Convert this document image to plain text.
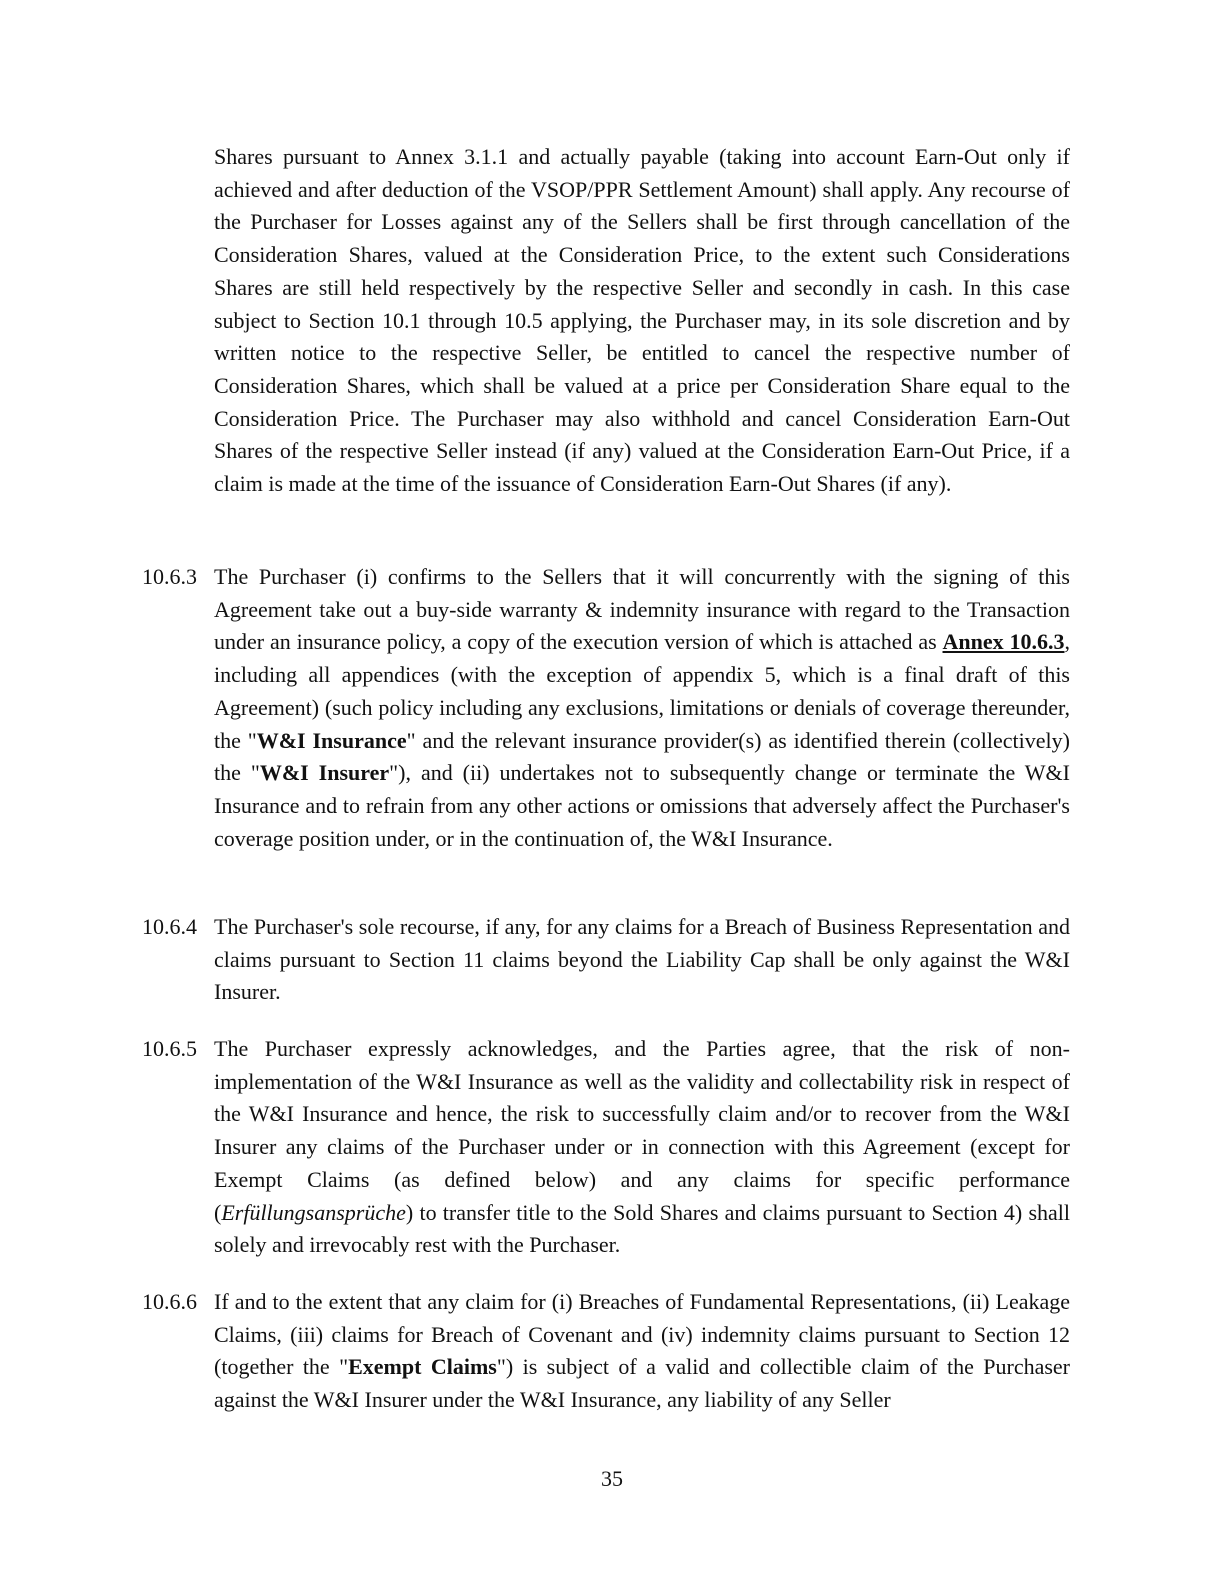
Shares pursuant to Annex 3.1.1 and actually payable (taking into account Earn-Out only if achieved and after deduction of the VSOP/PPR Settlement Amount) shall apply. Any recourse of the Purchaser for Losses against any of the Sellers shall be first through cancellation of the Consideration Shares, valued at the Consideration Price, to the extent such Considerations Shares are still held respectively by the respective Seller and secondly in cash. In this case subject to Section 10.1 through 10.5 applying, the Purchaser may, in its sole discretion and by written notice to the respective Seller, be entitled to cancel the respective number of Consideration Shares, which shall be valued at a price per Consideration Share equal to the Consideration Price. The Purchaser may also withhold and cancel Consideration Earn-Out Shares of the respective Seller instead (if any) valued at the Consideration Earn-Out Price, if a claim is made at the time of the issuance of Consideration Earn-Out Shares (if any).

10.6.3 The Purchaser (i) confirms to the Sellers that it will concurrently with the signing of this Agreement take out a buy-side warranty & indemnity insurance with regard to the Transaction under an insurance policy, a copy of the execution version of which is attached as Annex 10.6.3, including all appendices (with the exception of appendix 5, which is a final draft of this Agreement) (such policy including any exclusions, limitations or denials of coverage thereunder, the "W&I Insurance" and the relevant insurance provider(s) as identified therein (collectively) the "W&I Insurer"), and (ii) undertakes not to subsequently change or terminate the W&I Insurance and to refrain from any other actions or omissions that adversely affect the Purchaser's coverage position under, or in the continuation of, the W&I Insurance.

10.6.4 The Purchaser's sole recourse, if any, for any claims for a Breach of Business Representation and claims pursuant to Section 11 claims beyond the Liability Cap shall be only against the W&I Insurer.

10.6.5 The Purchaser expressly acknowledges, and the Parties agree, that the risk of non-implementation of the W&I Insurance as well as the validity and collectability risk in respect of the W&I Insurance and hence, the risk to successfully claim and/or to recover from the W&I Insurer any claims of the Purchaser under or in connection with this Agreement (except for Exempt Claims (as defined below) and any claims for specific performance (Erfüllungsansprüche) to transfer title to the Sold Shares and claims pursuant to Section 4) shall solely and irrevocably rest with the Purchaser.

10.6.6 If and to the extent that any claim for (i) Breaches of Fundamental Representations, (ii) Leakage Claims, (iii) claims for Breach of Covenant and (iv) indemnity claims pursuant to Section 12 (together the "Exempt Claims") is subject of a valid and collectible claim of the Purchaser against the W&I Insurer under the W&I Insurance, any liability of any Seller

35
